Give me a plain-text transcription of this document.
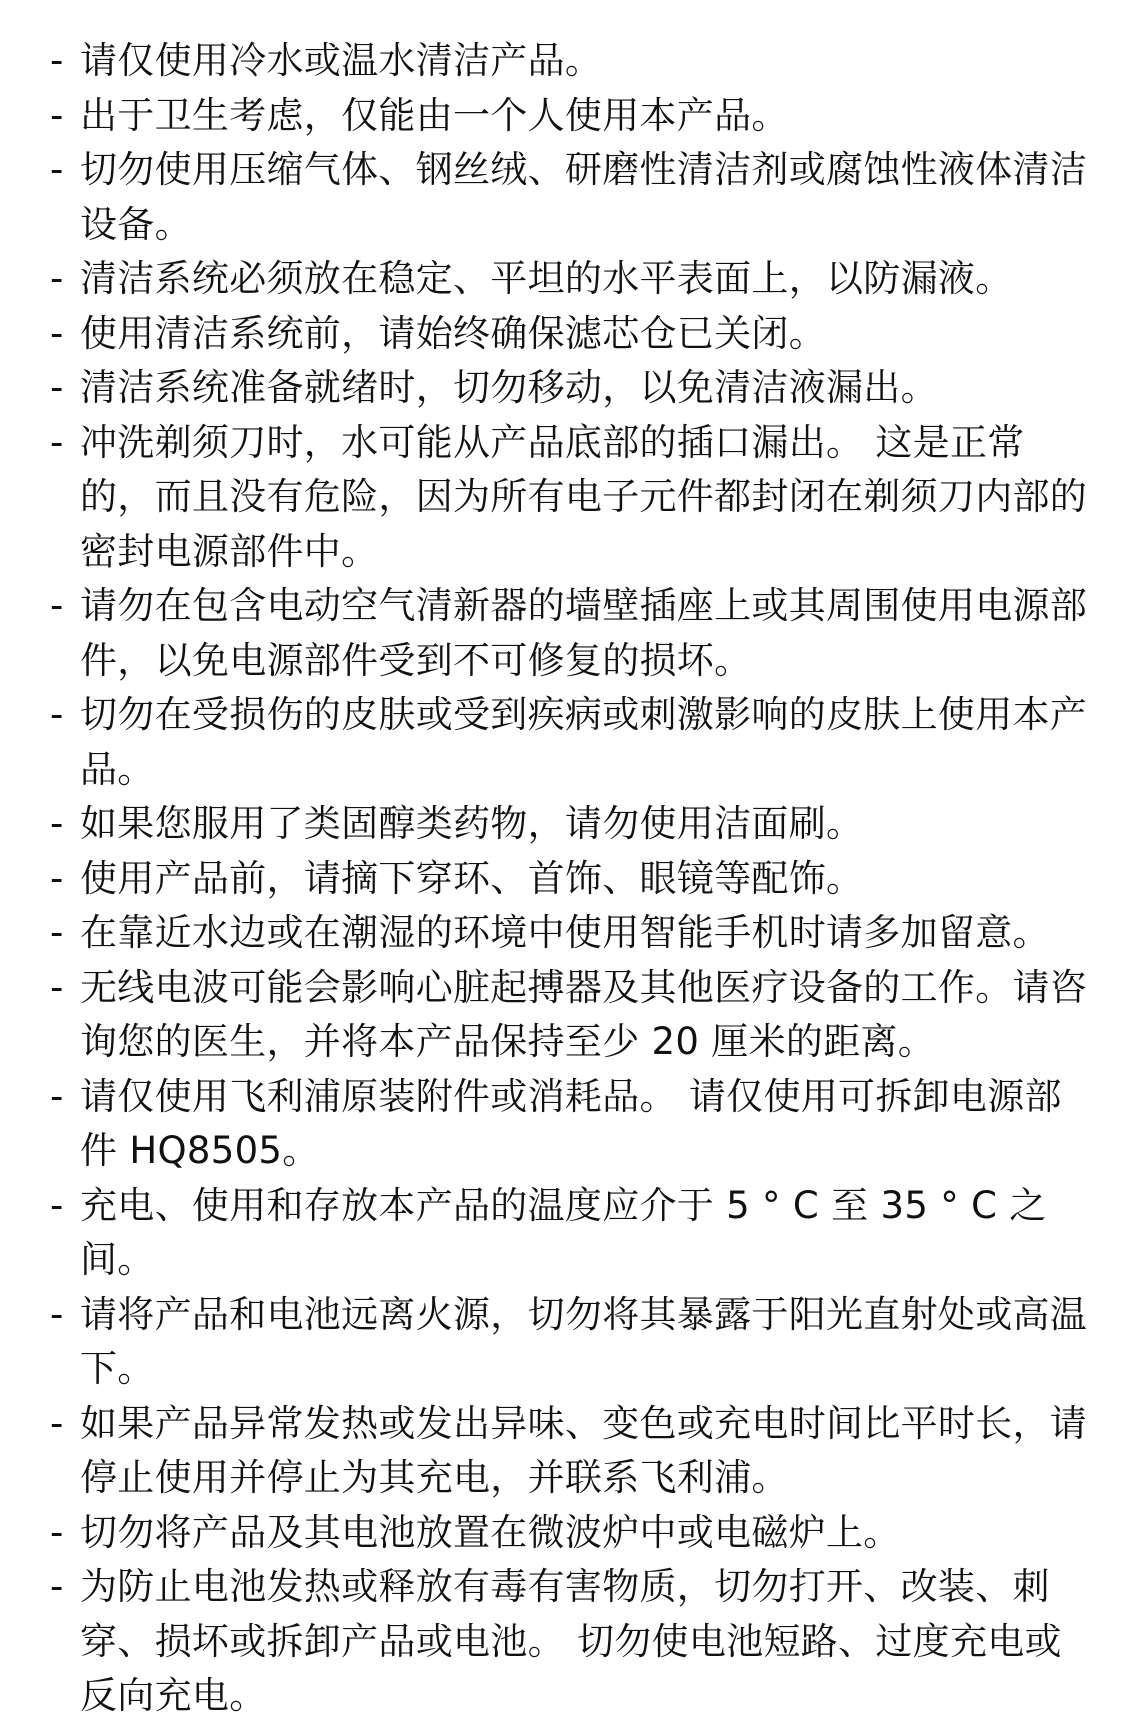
- 请仅使用冷水或温水清洁产品。
- 出于卫生考虑，仅能由一个人使用本产品。
- 切勿使用压缩气体、钢丝绒、研磨性清洁剂或腐蚀性液体清洁设备。
- 清洁系统必须放在稳定、平坦的水平表面上，以防漏液。
- 使用清洁系统前，请始终确保滤芯仓已关闭。
- 清洁系统准备就绪时，切勿移动，以免清洁液漏出。
- 冲洗剃须刀时，水可能从产品底部的插口漏出。 这是正常的，而且没有危险，因为所有电子元件都封闭在剃须刀内部的密封电源部件中。
- 请勿在包含电动空气清新器的墙壁插座上或其周围使用电源部件，以免电源部件受到不可修复的损坏。
- 切勿在受损伤的皮肤或受到疾病或刺激影响的皮肤上使用本产品。
- 如果您服用了类固醇类药物，请勿使用洁面刷。
- 使用产品前，请摘下穿环、首饰、眼镜等配饰。
- 在靠近水边或在潮湿的环境中使用智能手机时请多加留意。
- 无线电波可能会影响心脏起搏器及其他医疗设备的工作。请咨询您的医生，并将本产品保持至少 20 厘米的距离。
- 请仅使用飞利浦原装附件或消耗品。 请仅使用可拆卸电源部件 HQ8505。
- 充电、使用和存放本产品的温度应介于 5 ° C 至 35 ° C 之间。
- 请将产品和电池远离火源，切勿将其暴露于阳光直射处或高温下。
- 如果产品异常发热或发出异味、变色或充电时间比平时长，请停止使用并停止为其充电，并联系飞利浦。
- 切勿将产品及其电池放置在微波炉中或电磁炉上。
- 为防止电池发热或释放有毒有害物质，切勿打开、改装、刺穿、损坏或拆卸产品或电池。 切勿使电池短路、过度充电或反向充电。
